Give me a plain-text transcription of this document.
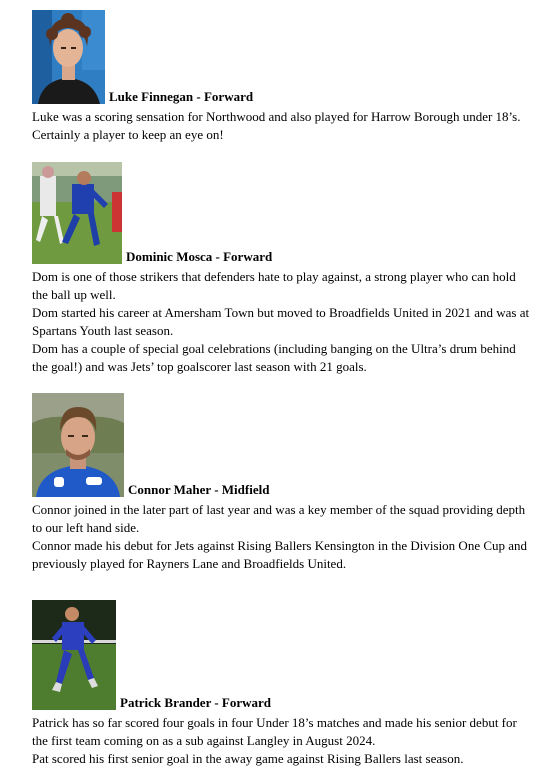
Luke Finnegan - Forward

Luke was a scoring sensation for Northwood and also played for Harrow Borough under 18’s. Certainly a player to keep an eye on!

Dominic Mosca - Forward

Dom is one of those strikers that defenders hate to play against, a strong player who can hold the ball up well.

Dom started his career at Amersham Town but moved to Broadfields United in 2021 and was at Spartans Youth last season.

Dom has a couple of special goal celebrations (including banging on the Ultra’s drum behind the goal!) and was Jets’ top goalscorer last season with 21 goals.

Connor Maher - Midfield

Connor joined in the later part of last year and was a key member of the squad providing depth to our left hand side.

Connor made his debut for Jets against Rising Ballers Kensington in the Division One Cup and previously played for Rayners Lane and Broadfields United.

Patrick Brander - Forward

Patrick has so far scored four goals in four Under 18’s matches and made his senior debut for the first team coming on as a sub against Langley in August 2024.

Pat scored his first senior goal in the away game against Rising Ballers last season.
